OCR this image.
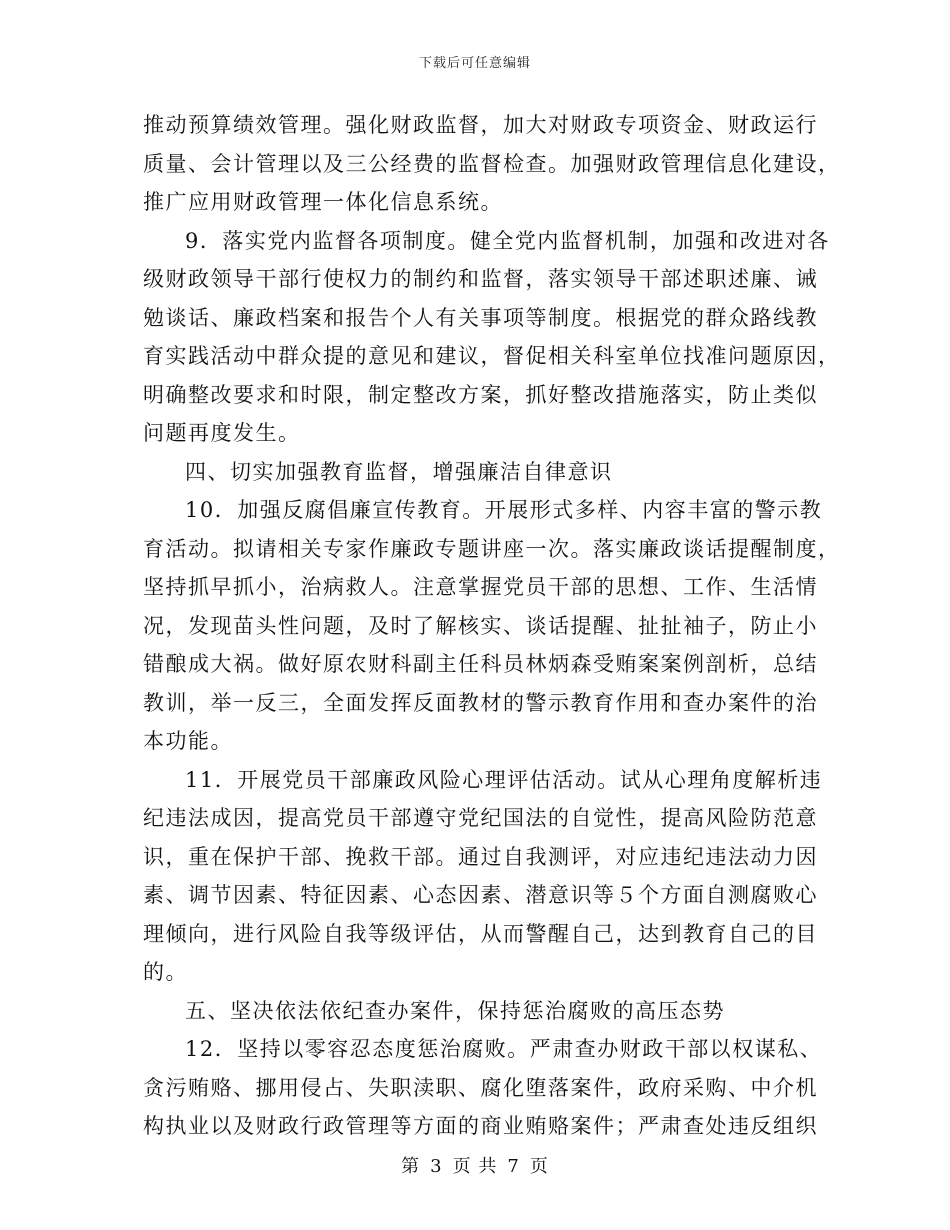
下载后可任意编辑
推动预算绩效管理。强化财政监督，加大对财政专项资金、财政运行
质量、会计管理以及三公经费的监督检查。加强财政管理信息化建设，
推广应用财政管理一体化信息系统。
9．落实党内监督各项制度。健全党内监督机制，加强和改进对各
级财政领导干部行使权力的制约和监督，落实领导干部述职述廉、诫
勉谈话、廉政档案和报告个人有关事项等制度。根据党的群众路线教
育实践活动中群众提的意见和建议，督促相关科室单位找准问题原因，
明确整改要求和时限，制定整改方案，抓好整改措施落实，防止类似
问题再度发生。
四、切实加强教育监督，增强廉洁自律意识
10．加强反腐倡廉宣传教育。开展形式多样、内容丰富的警示教
育活动。拟请相关专家作廉政专题讲座一次。落实廉政谈话提醒制度，
坚持抓早抓小，治病救人。注意掌握党员干部的思想、工作、生活情
况，发现苗头性问题，及时了解核实、谈话提醒、扯扯袖子，防止小
错酿成大祸。做好原农财科副主任科员林炳森受贿案案例剖析，总结
教训，举一反三，全面发挥反面教材的警示教育作用和查办案件的治
本功能。
11．开展党员干部廉政风险心理评估活动。试从心理角度解析违
纪违法成因，提高党员干部遵守党纪国法的自觉性，提高风险防范意
识，重在保护干部、挽救干部。通过自我测评，对应违纪违法动力因
素、调节因素、特征因素、心态因素、潜意识等５个方面自测腐败心
理倾向，进行风险自我等级评估，从而警醒自己，达到教育自己的目
的。
五、坚决依法依纪查办案件，保持惩治腐败的高压态势
12．坚持以零容忍态度惩治腐败。严肃查办财政干部以权谋私、
贪污贿赂、挪用侵占、失职渎职、腐化堕落案件，政府采购、中介机
构执业以及财政行政管理等方面的商业贿赂案件；严肃查处违反组织
第 3 页 共 7 页
